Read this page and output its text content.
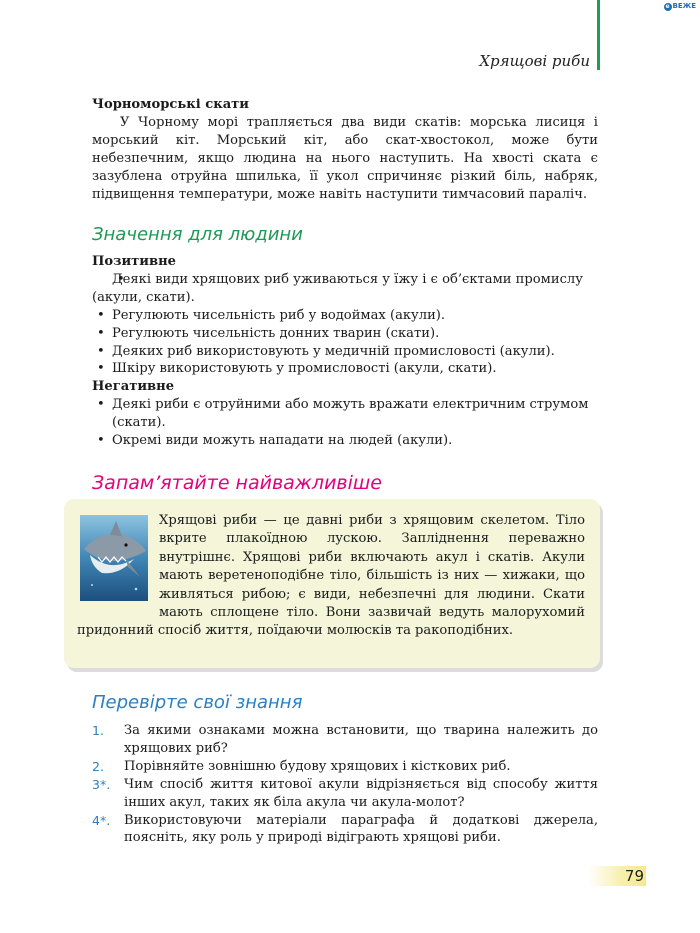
e ВЕЖЕ
Хрящові риби
Чорноморські скати

У Чорному морі трапляється два види скатів: морська лисиця і морський кіт. Морський кіт, або скат-хвостокол, може бути небезпечним, якщо людина на нього наступить. На хвості ската є зазублена отруйна шпилька, її укол спричиняє різкий біль, набряк, підвищення температури, може навіть наступити тимчасовий параліч.

Значення для людини
Позитивне
• Деякі види хрящових риб уживаються у їжу і є об’єктами промислу (акули, скати).
• Регулюють чисельність риб у водоймах (акули).
• Регулюють чисельність донних тварин (скати).
• Деяких риб використовують у медичній промисловості (акули).
• Шкіру використовують у промисловості (акули, скати).
Негативне
• Деякі риби є отруйними або можуть вражати електричним струмом (скати).
• Окремі види можуть нападати на людей (акули).
Запам’ятайте найважливіше
Хрящові риби — це давні риби з хрящовим скелетом. Тіло вкрите плакоїдною лускою. Запліднення переважно внутрішнє. Хрящові риби включають акул і скатів. Акули мають веретеноподібне тіло, більшість із них — хижаки, що живляться рибою; є види, небезпечні для людини. Скати мають сплощене тіло. Вони зазвичай ведуть малорухомий придонний спосіб життя, поїдаючи молюсків та ракоподібних.
Перевірте свої знання
1. За якими ознаками можна встановити, що тварина належить до хрящових риб?
2. Порівняйте зовнішню будову хрящових і кісткових риб.
3*. Чим спосіб життя китової акули відрізняється від способу життя інших акул, таких як біла акула чи акула-молот?
4*. Використовуючи матеріали параграфа й додаткові джерела, поясніть, яку роль у природі відіграють хрящові риби.
79
